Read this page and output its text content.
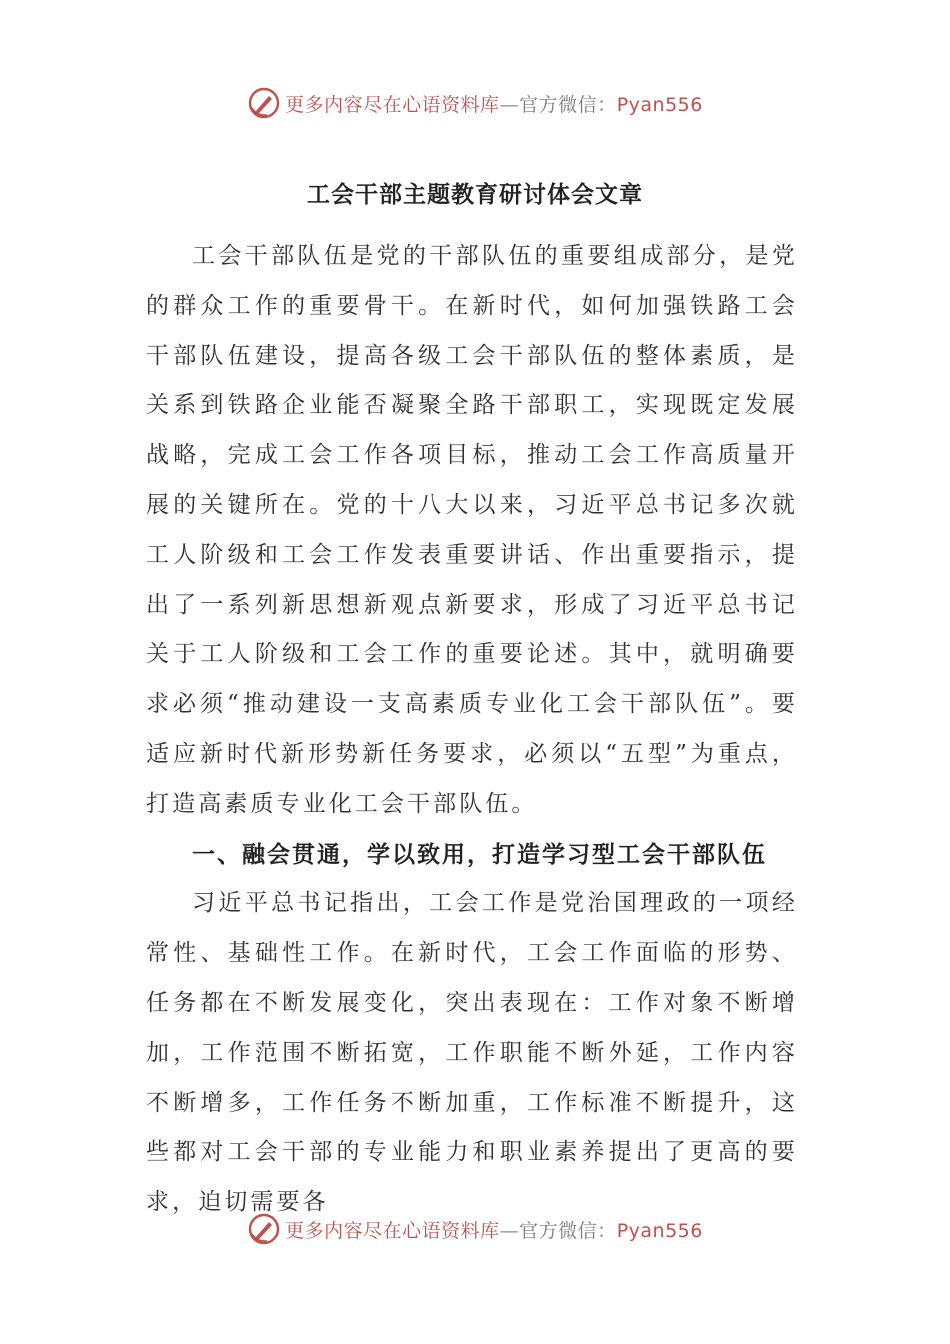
更多内容尽在心语资料库—官方微信：Pyan556
工会干部主题教育研讨体会文章

工会干部队伍是党的干部队伍的重要组成部分，是党的群众工作的重要骨干。在新时代，如何加强铁路工会干部队伍建设，提高各级工会干部队伍的整体素质，是关系到铁路企业能否凝聚全路干部职工，实现既定发展战略，完成工会工作各项目标，推动工会工作高质量开展的关键所在。党的十八大以来，习近平总书记多次就工人阶级和工会工作发表重要讲话、作出重要指示，提出了一系列新思想新观点新要求，形成了习近平总书记关于工人阶级和工会工作的重要论述。其中，就明确要求必须“推动建设一支高素质专业化工会干部队伍”。要适应新时代新形势新任务要求，必须以“五型”为重点，打造高素质专业化工会干部队伍。

一、融会贯通，学以致用，打造学习型工会干部队伍

习近平总书记指出，工会工作是党治国理政的一项经常性、基础性工作。在新时代，工会工作面临的形势、任务都在不断发展变化，突出表现在：工作对象不断增加，工作范围不断拓宽，工作职能不断外延，工作内容不断增多，工作任务不断加重，工作标准不断提升，这些都对工会干部的专业能力和职业素养提出了更高的要求，迫切需要各

更多内容尽在心语资料库—官方微信：Pyan556
